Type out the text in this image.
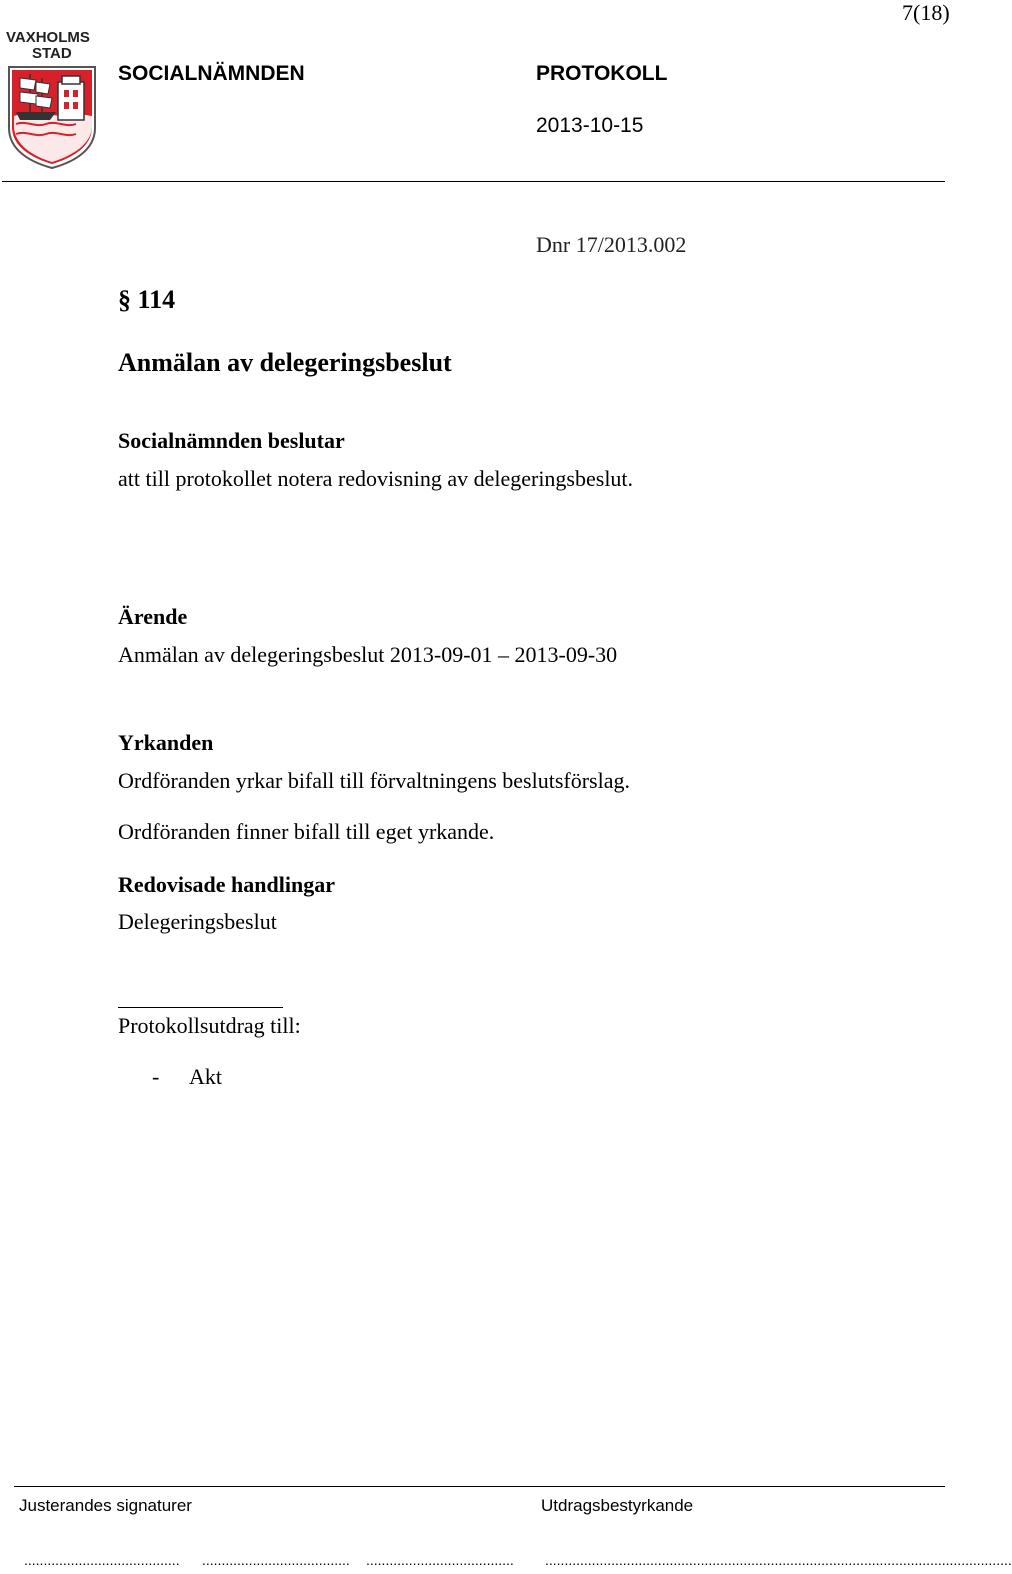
7(18)
VAXHOLMS
STAD
SOCIALNÄMNDEN	PROTOKOLL
2013-10-15
Dnr 17/2013.002
§ 114
Anmälan av delegeringsbeslut
Socialnämnden beslutar
att till protokollet notera redovisning av delegeringsbeslut.
Ärende
Anmälan av delegeringsbeslut 2013-09-01 – 2013-09-30
Yrkanden
Ordföranden yrkar bifall till förvaltningens beslutsförslag.
Ordföranden finner bifall till eget yrkande.
Redovisade handlingar
Delegeringsbeslut
Protokollsutdrag till:
- Akt
Justerandes signaturer	Utdragsbestyrkande
........................................ ...................................... ...................................... ........................................................................................................................
